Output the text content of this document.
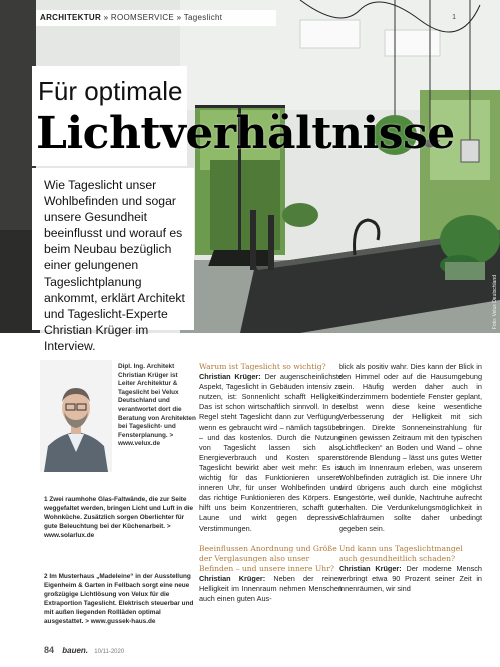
ARCHITEKTUR » ROOMSERVICE » Tageslicht	1
Für optimale
Lichtverhältnisse
Wie Tageslicht unser Wohlbefinden und sogar unsere Gesundheit beeinflusst und worauf es beim Neubau bezüglich einer gelungenen Tageslichtplanung ankommt, erklärt Architekt und Tageslicht-Experte Christian Krüger im Interview.
Foto: Velux Deutschland
Dipl. Ing. Architekt Christian Krüger ist Leiter Architektur & Tageslicht bei Velux Deutschland und verantwortet dort die Beratung von Architekten bei Tageslicht- und Fensterplanung. > www.velux.de
1 Zwei raumhohe Glas-Faltwände, die zur Seite weggefaltet werden, bringen Licht und Luft in die Wohnküche. Zusätzlich sorgen Oberlichter für gute Beleuchtung bei der Küchenarbeit. > www.solarlux.de
2 Im Musterhaus „Madeleine“ in der Ausstellung Eigenheim & Garten in Fellbach sorgt eine neue großzügige Lichtlösung von Velux für die Extraportion Tageslicht. Elektrisch steuerbar und mit außen liegenden Rollläden optimal ausgestattet. > www.gussek-haus.de
Warum ist Tageslicht so wichtig?
Christian Krüger: Der augenscheinlichste Aspekt, Tageslicht in Gebäuden intensiv zu nutzen, ist: Sonnenlicht schafft Helligkeit. Das ist schon wirtschaftlich sinnvoll. In der Regel steht Tageslicht dann zur Verfügung, wenn es gebraucht wird – nämlich tagsüber – und das kostenlos. Durch die Nutzung von Tageslicht lassen sich also Energieverbrauch und Kosten sparen. Tageslicht bewirkt aber weit mehr: Es ist wichtig für das Funktionieren unserer inneren Uhr, für unser Wohlbefinden und das richtige Funktionieren des Körpers. Es hilft uns beim Konzentrieren, schafft gute Laune und wirkt gegen depressive Verstimmungen.
Beeinflussen Anordnung und Größe der Verglasungen also unser Befinden – und unsere innere Uhr?
Christian Krüger: Neben der reinen Helligkeit im Innenraum nehmen Menschen auch einen guten Aus-
blick als positiv wahr. Dies kann der Blick in den Himmel oder auf die Hausumgebung sein. Häufig werden daher auch in Kinderzimmern bodentiefe Fenster geplant, selbst wenn diese keine wesentliche Verbesserung der Helligkeit mit sich bringen. Direkte Sonneneinstrahlung für einen gewissen Zeitraum mit den typischen „Lichtflecken“ an Boden und Wand – ohne störende Blendung – lässt uns gutes Wetter auch im Innenraum erleben, was unserem Wohlbefinden zuträglich ist. Die innere Uhr wird übrigens auch durch eine möglichst ungestörte, weil dunkle, Nachtruhe aufrecht erhalten. Die Verdunkelungsmöglichkeit in Schlafräumen sollte daher unbedingt gegeben sein.
Und kann uns Tageslichtmangel auch gesundheitlich schaden?
Christian Krüger: Der moderne Mensch verbringt etwa 90 Prozent seiner Zeit in Innenräumen, wir sind
84 bauen. 10/11-2020
